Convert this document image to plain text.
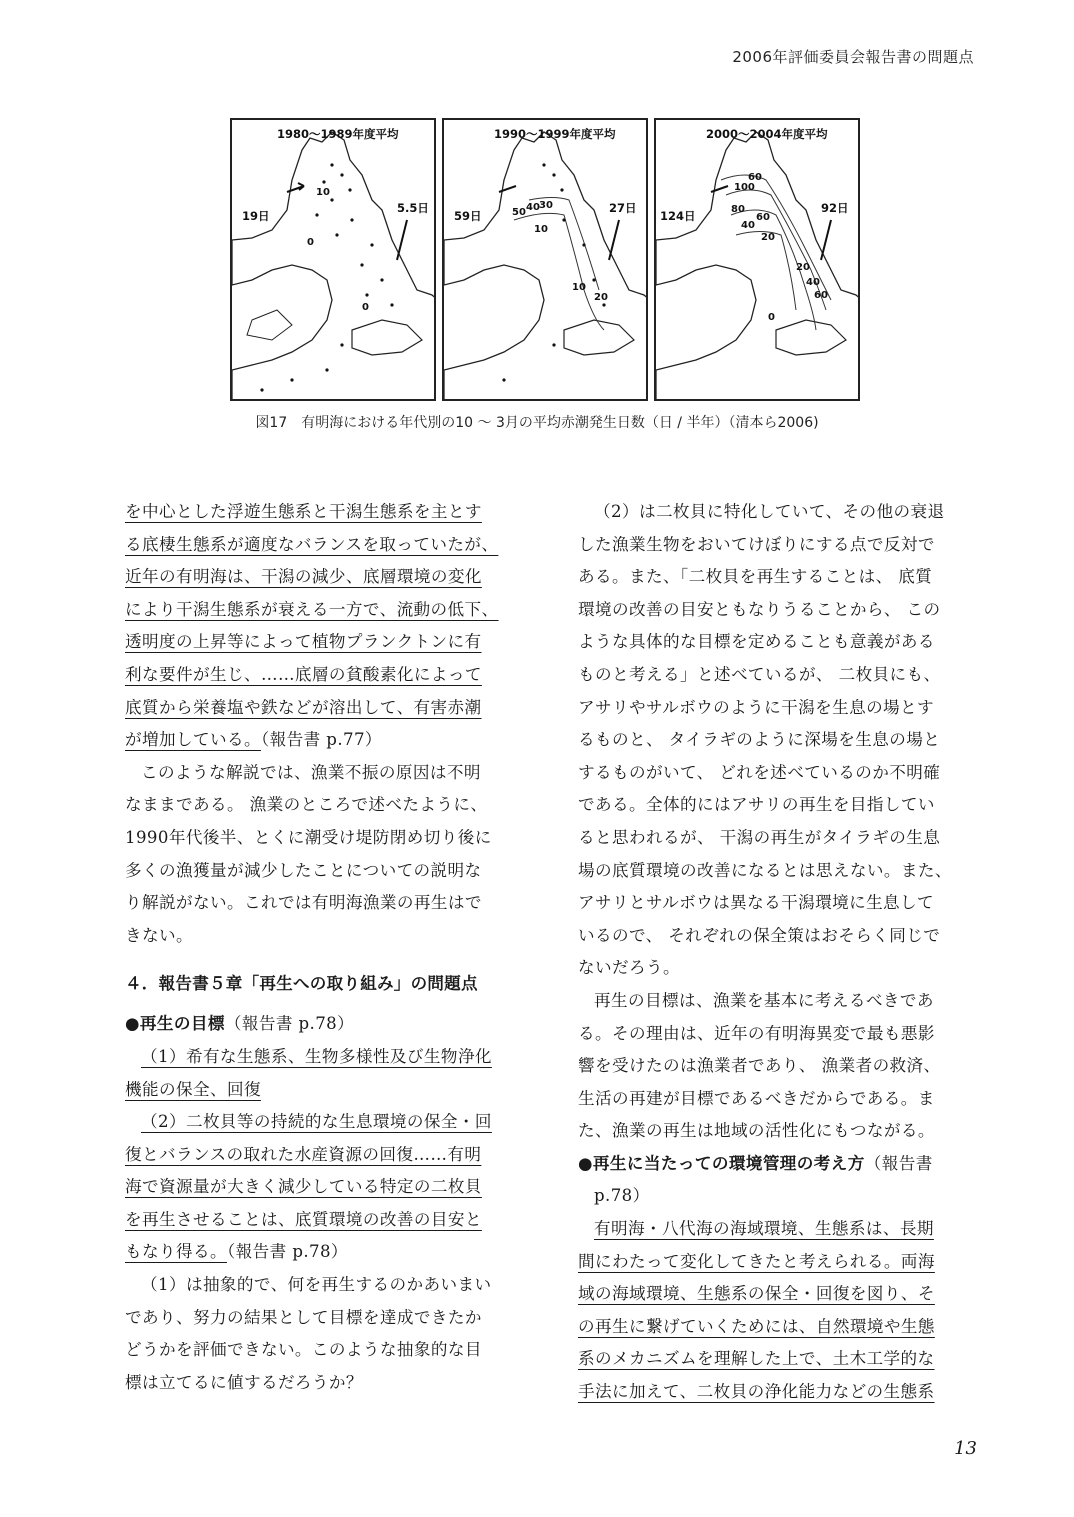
2006年評価委員会報告書の問題点
10
0
0
1980〜1989年度平均
19日
5.5日	50 40 30
10
10
20
1990〜1999年度平均
59日
27日
100
60
80
40
60
20
20
40
60
0
2000〜2004年度平均
124日
92日
図17　有明海における年代別の10 〜 3月の平均赤潮発生日数（日 / 半年）（清本ら2006)
を中心とした浮遊生態系と干潟生態系を主とす
る底棲生態系が適度なバランスを取っていたが、
近年の有明海は、干潟の減少、底層環境の変化
により干潟生態系が衰える一方で、流動の低下、
透明度の上昇等によって植物プランクトンに有
利な要件が生じ、……底層の貧酸素化によって
底質から栄養塩や鉄などが溶出して、有害赤潮
が増加している。（報告書 p.77）
このような解説では、漁業不振の原因は不明
なままである。 漁業のところで述べたように、
1990年代後半、とくに潮受け堤防閉め切り後に
多くの漁獲量が減少したことについての説明な
り解説がない。これでは有明海漁業の再生はで
きない。
４．報告書５章「再生への取り組み」の問題点
●再生の目標（報告書 p.78）
（1）希有な生態系、生物多様性及び生物浄化
機能の保全、回復
（2）二枚貝等の持続的な生息環境の保全・回
復とバランスの取れた水産資源の回復……有明
海で資源量が大きく減少している特定の二枚貝
を再生させることは、底質環境の改善の目安と
もなり得る。（報告書 p.78）
（1）は抽象的で、何を再生するのかあいまい
であり、努力の結果として目標を達成できたか
どうかを評価できない。このような抽象的な目
標は立てるに値するだろうか？
（2）は二枚貝に特化していて、その他の衰退
した漁業生物をおいてけぼりにする点で反対で
ある。また、「二枚貝を再生することは、 底質
環境の改善の目安ともなりうることから、 この
ような具体的な目標を定めることも意義がある
ものと考える」と述べているが、 二枚貝にも、
アサリやサルボウのように干潟を生息の場とす
るものと、 タイラギのように深場を生息の場と
するものがいて、 どれを述べているのか不明確
である。全体的にはアサリの再生を目指してい
ると思われるが、 干潟の再生がタイラギの生息
場の底質環境の改善になるとは思えない。また、
アサリとサルボウは異なる干潟環境に生息して
いるので、 それぞれの保全策はおそらく同じで
ないだろう。
再生の目標は、漁業を基本に考えるべきであ
る。その理由は、近年の有明海異変で最も悪影
響を受けたのは漁業者であり、 漁業者の救済、
生活の再建が目標であるべきだからである。ま
た、漁業の再生は地域の活性化にもつながる。
●再生に当たっての環境管理の考え方（報告書
p.78）
有明海・八代海の海域環境、生態系は、長期
間にわたって変化してきたと考えられる。両海
域の海域環境、生態系の保全・回復を図り、そ
の再生に繋げていくためには、自然環境や生態
系のメカニズムを理解した上で、土木工学的な
手法に加えて、二枚貝の浄化能力などの生態系
13
